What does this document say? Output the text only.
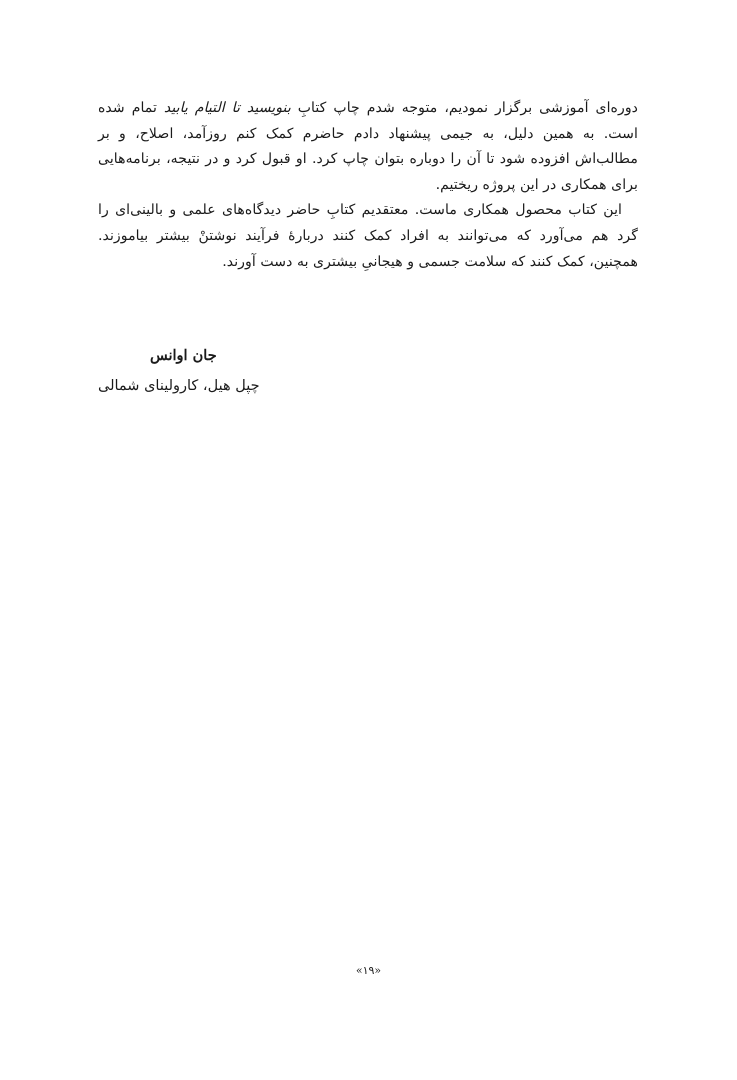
دوره‌ای آموزشی برگزار نمودیم، متوجه شدم چاپ کتابِ بنویسید تا التیام یابید تمام شده است. به همین دلیل، به جیمی پیشنهاد دادم حاضرم کمک کنم روزآمد، اصلاح، و بر مطالب‌اش افزوده شود تا آن را دوباره بتوان چاپ کرد. او قبول کرد و در نتیجه، برنامه‌هایی برای همکاری در این پروژه ریختیم.

این کتاب محصول همکاری ماست. معتقدیم کتابِ حاضر دیدگاه‌های علمی و بالینی‌ای را گرد هم می‌آورد که می‌توانند به افراد کمک کنند دربارهٔ فرآیند نوشتنْ بیشتر بیاموزند. همچنین، کمک کنند که سلامت جسمی و هیجانیِ بیشتری به دست آورند.

جان اوانس
چپل هیل، کارولینای شمالی
«۱۹»
